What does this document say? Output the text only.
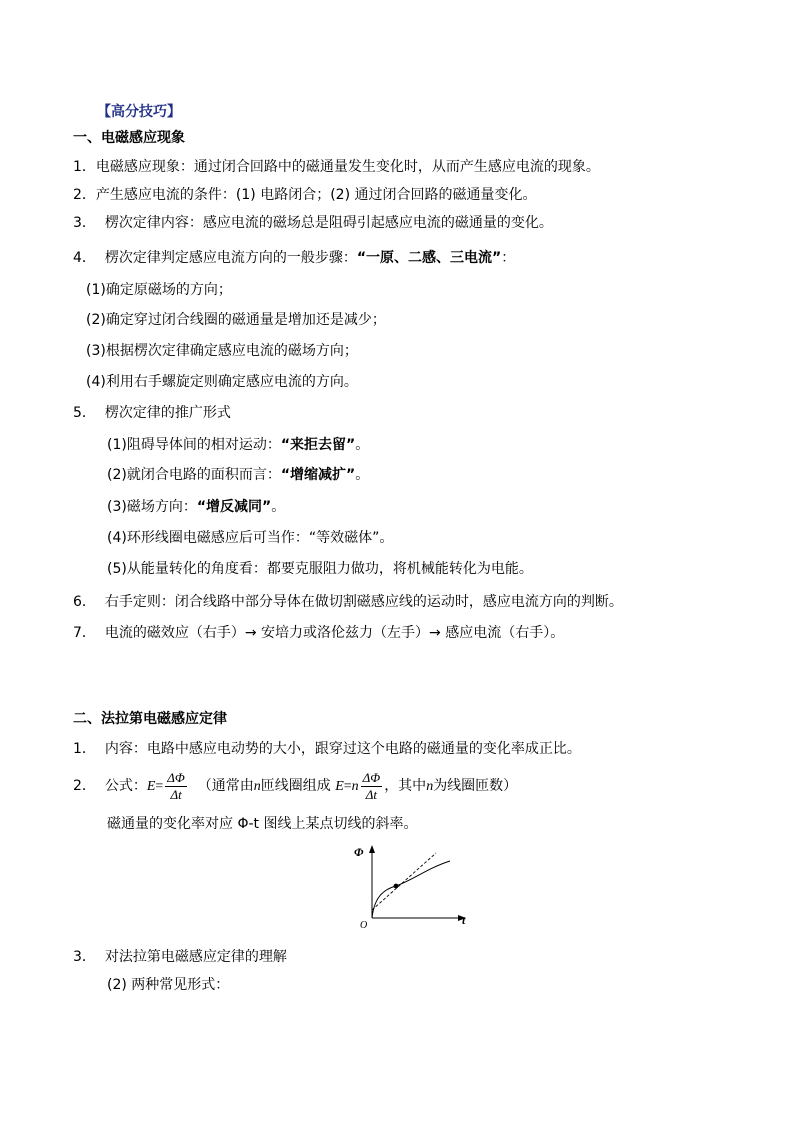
【高分技巧】
一、电磁感应现象
1．电磁感应现象：通过闭合回路中的磁通量发生变化时，从而产生感应电流的现象。
2．产生感应电流的条件：(1) 电路闭合；(2) 通过闭合回路的磁通量变化。
3． 楞次定律内容：感应电流的磁场总是阻碍引起感应电流的磁通量的变化。
4． 楞次定律判定感应电流方向的一般步骤：“一原、二感、三电流”：
(1)确定原磁场的方向；
(2)确定穿过闭合线圈的磁通量是增加还是减少；
(3)根据楞次定律确定感应电流的磁场方向；
(4)利用右手螺旋定则确定感应电流的方向。
5． 楞次定律的推广形式
(1)阻碍导体间的相对运动：“来拒去留”。
(2)就闭合电路的面积而言：“增缩减扩”。
(3)磁场方向：“增反减同”。
(4)环形线圈电磁感应后可当作：“等效磁体”。
(5)从能量转化的角度看：都要克服阻力做功，将机械能转化为电能。
6． 右手定则：闭合线路中部分导体在做切割磁感应线的运动时，感应电流方向的判断。
7． 电流的磁效应（右手）→ 安培力或洛伦兹力（左手）→ 感应电流（右手）。
二、法拉第电磁感应定律
1． 内容：电路中感应电动势的大小，跟穿过这个电路的磁通量的变化率成正比。
2． 公式：$E= \frac{\Delta\Phi}{\Delta t}$ （通常由n匝线圈组成 $E=n \frac{\Delta\Phi}{\Delta t}$ ，其中n为线圈匝数）
磁通量的变化率对应 Φ-t 图线上某点切线的斜率。
Φ
t
O
3． 对法拉第电磁感应定律的理解
(2) 两种常见形式：
